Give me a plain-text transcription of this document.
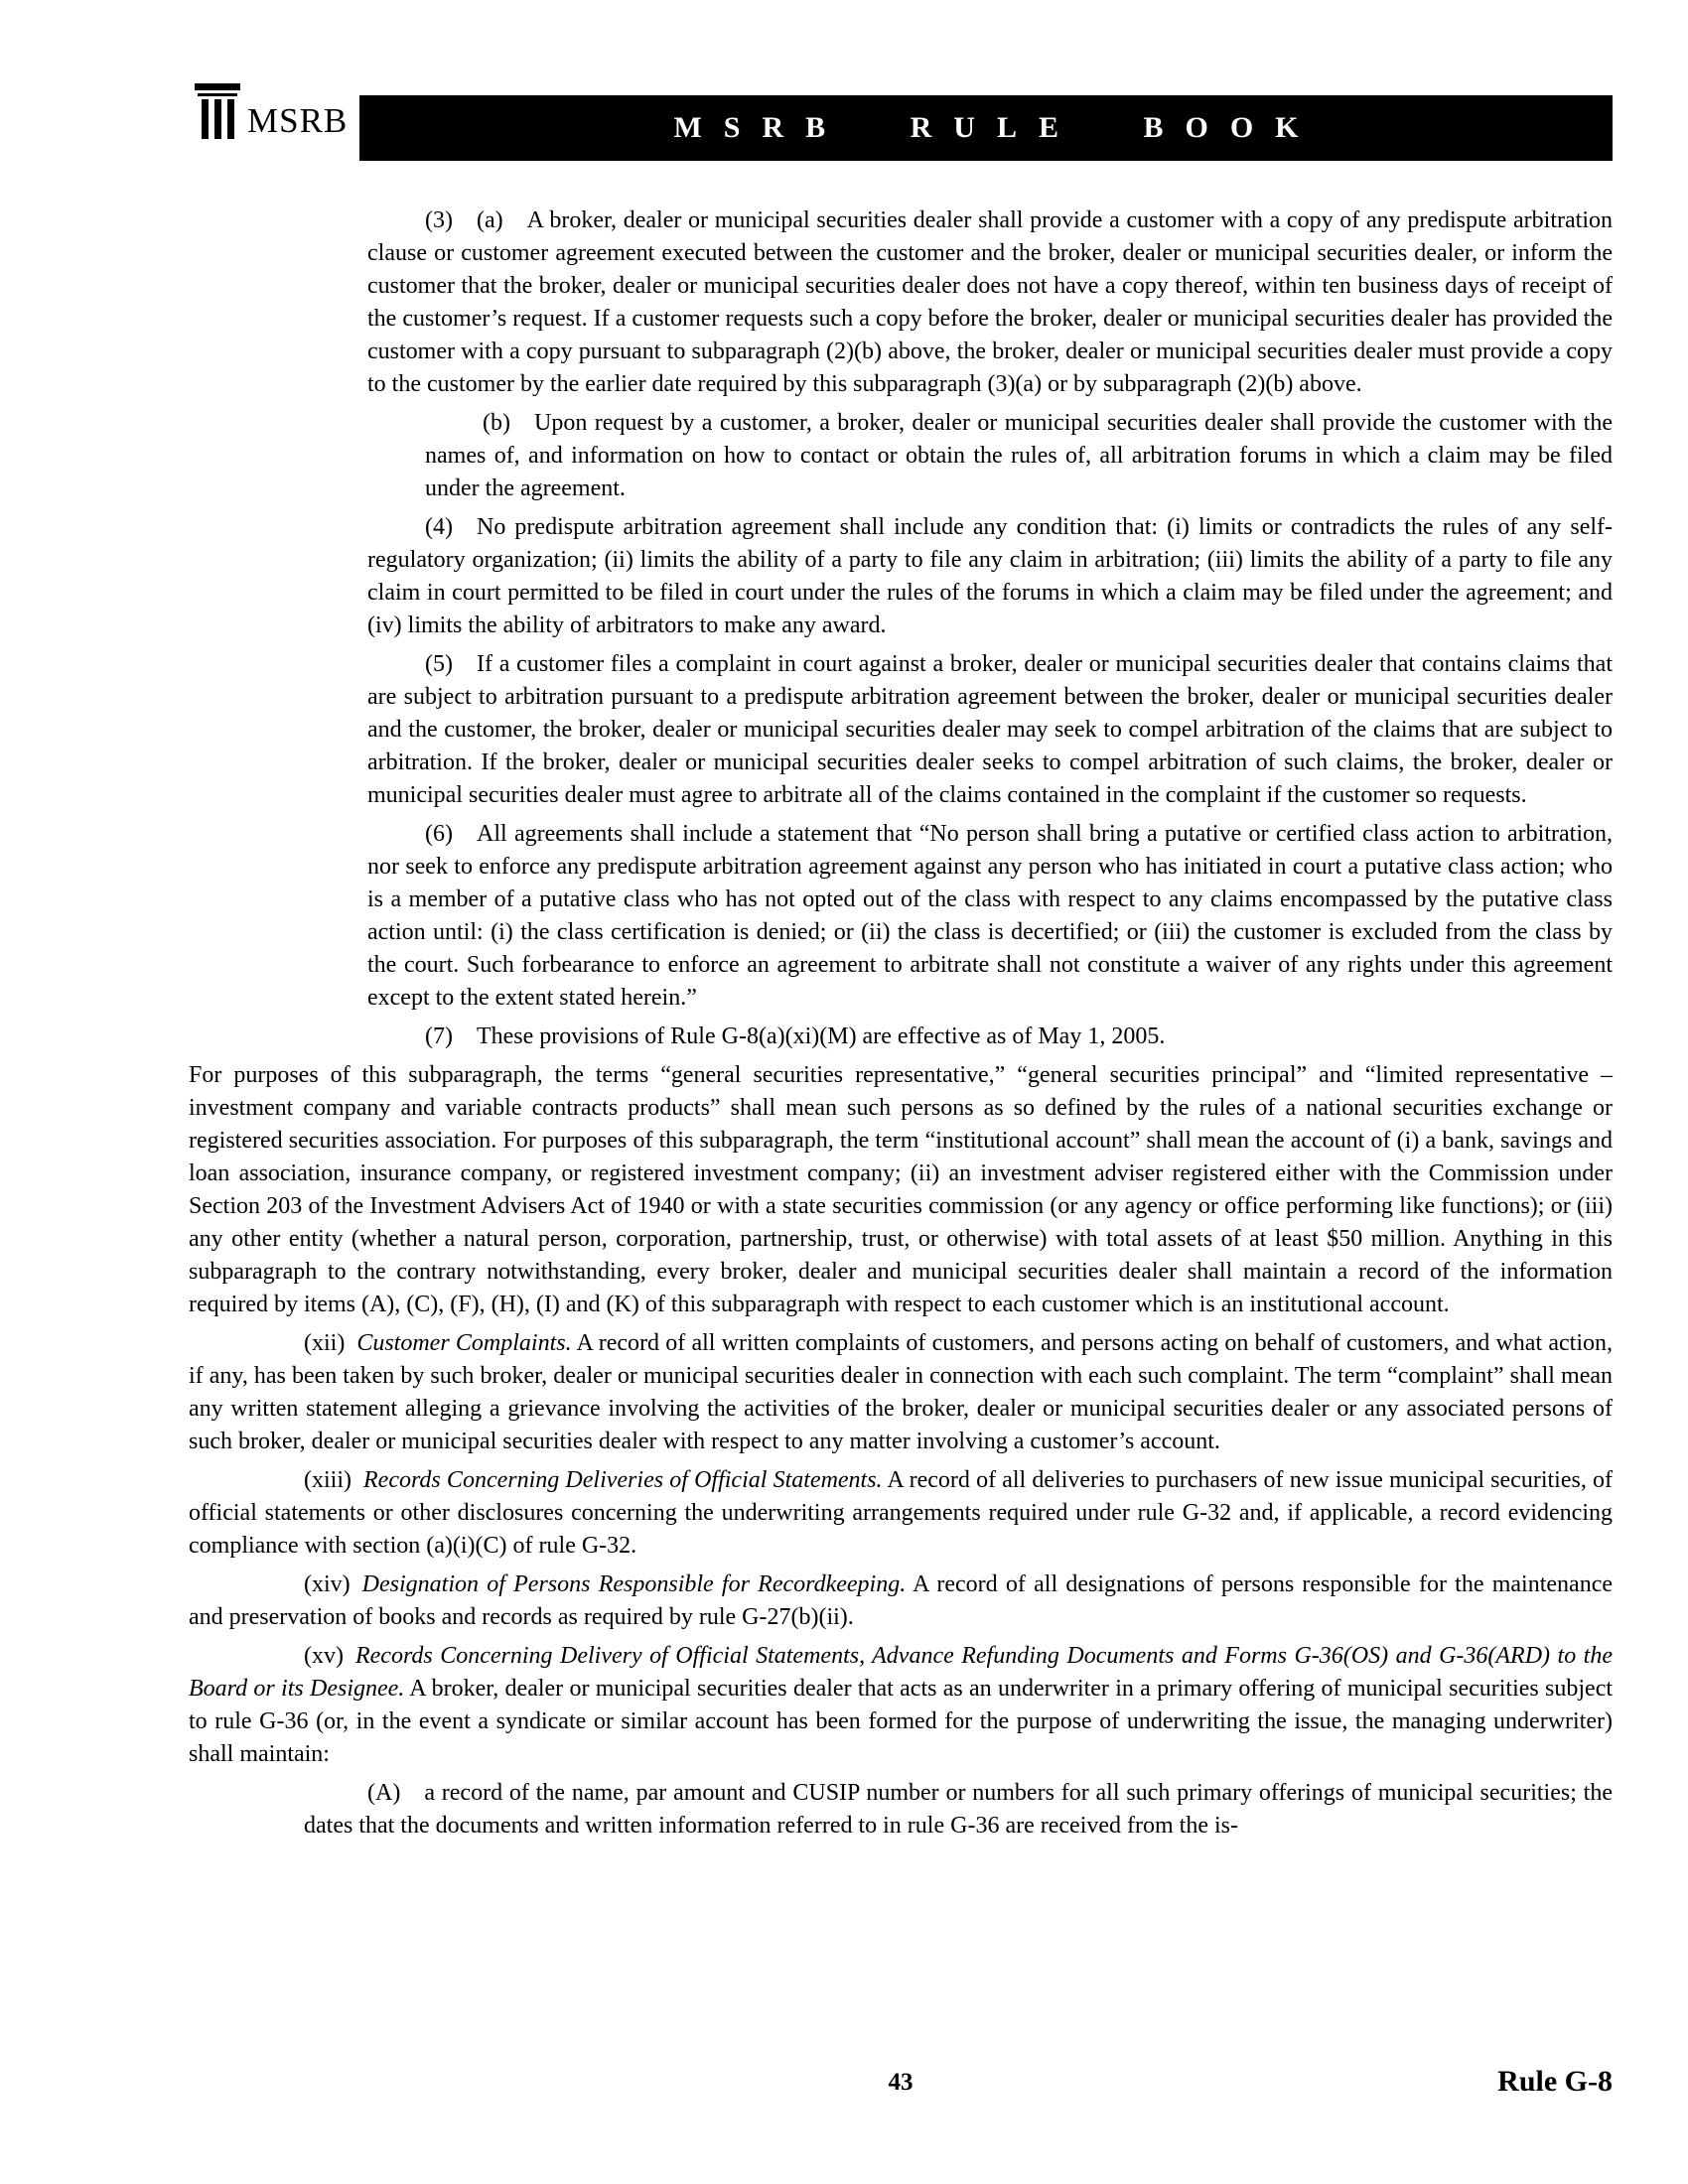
MSRB	MSRB RULE BOOK

(3) (a) A broker, dealer or municipal securities dealer shall provide a customer with a copy of any predispute arbitration clause or customer agreement executed between the customer and the broker, dealer or municipal securities dealer, or inform the customer that the broker, dealer or municipal securities dealer does not have a copy thereof, within ten business days of receipt of the customer’s request. If a customer requests such a copy before the broker, dealer or municipal securities dealer has provided the customer with a copy pursuant to subparagraph (2)(b) above, the broker, dealer or municipal securities dealer must provide a copy to the customer by the earlier date required by this subparagraph (3)(a) or by subparagraph (2)(b) above.

(b) Upon request by a customer, a broker, dealer or municipal securities dealer shall provide the customer with the names of, and information on how to contact or obtain the rules of, all arbitration forums in which a claim may be filed under the agreement.

(4) No predispute arbitration agreement shall include any condition that: (i) limits or contradicts the rules of any self-regulatory organization; (ii) limits the ability of a party to file any claim in arbitration; (iii) limits the ability of a party to file any claim in court permitted to be filed in court under the rules of the forums in which a claim may be filed under the agreement; and (iv) limits the ability of arbitrators to make any award.

(5) If a customer files a complaint in court against a broker, dealer or municipal securities dealer that contains claims that are subject to arbitration pursuant to a predispute arbitration agreement between the broker, dealer or municipal securities dealer and the customer, the broker, dealer or municipal securities dealer may seek to compel arbitration of the claims that are subject to arbitration. If the broker, dealer or municipal securities dealer seeks to compel arbitration of such claims, the broker, dealer or municipal securities dealer must agree to arbitrate all of the claims contained in the complaint if the customer so requests.

(6) All agreements shall include a statement that “No person shall bring a putative or certified class action to arbitration, nor seek to enforce any predispute arbitration agreement against any person who has initiated in court a putative class action; who is a member of a putative class who has not opted out of the class with respect to any claims encompassed by the putative class action until: (i) the class certification is denied; or (ii) the class is decertified; or (iii) the customer is excluded from the class by the court. Such forbearance to enforce an agreement to arbitrate shall not constitute a waiver of any rights under this agreement except to the extent stated herein.”

(7) These provisions of Rule G-8(a)(xi)(M) are effective as of May 1, 2005.

For purposes of this subparagraph, the terms “general securities representative,” “general securities principal” and “limited representative – investment company and variable contracts products” shall mean such persons as so defined by the rules of a national securities exchange or registered securities association. For purposes of this subparagraph, the term “institutional account” shall mean the account of (i) a bank, savings and loan association, insurance company, or registered investment company; (ii) an investment adviser registered either with the Commission under Section 203 of the Investment Advisers Act of 1940 or with a state securities commission (or any agency or office performing like functions); or (iii) any other entity (whether a natural person, corporation, partnership, trust, or otherwise) with total assets of at least $50 million. Anything in this subparagraph to the contrary notwithstanding, every broker, dealer and municipal securities dealer shall maintain a record of the information required by items (A), (C), (F), (H), (I) and (K) of this subparagraph with respect to each customer which is an institutional account.

(xii) Customer Complaints. A record of all written complaints of customers, and persons acting on behalf of customers, and what action, if any, has been taken by such broker, dealer or municipal securities dealer in connection with each such complaint. The term “complaint” shall mean any written statement alleging a grievance involving the activities of the broker, dealer or municipal securities dealer or any associated persons of such broker, dealer or municipal securities dealer with respect to any matter involving a customer’s account.

(xiii) Records Concerning Deliveries of Official Statements. A record of all deliveries to purchasers of new issue municipal securities, of official statements or other disclosures concerning the underwriting arrangements required under rule G-32 and, if applicable, a record evidencing compliance with section (a)(i)(C) of rule G-32.

(xiv) Designation of Persons Responsible for Recordkeeping. A record of all designations of persons responsible for the maintenance and preservation of books and records as required by rule G-27(b)(ii).

(xv) Records Concerning Delivery of Official Statements, Advance Refunding Documents and Forms G-36(OS) and G-36(ARD) to the Board or its Designee. A broker, dealer or municipal securities dealer that acts as an underwriter in a primary offering of municipal securities subject to rule G-36 (or, in the event a syndicate or similar account has been formed for the purpose of underwriting the issue, the managing underwriter) shall maintain:

(A) a record of the name, par amount and CUSIP number or numbers for all such primary offerings of municipal securities; the dates that the documents and written information referred to in rule G-36 are received from the is-

43	Rule G-8
